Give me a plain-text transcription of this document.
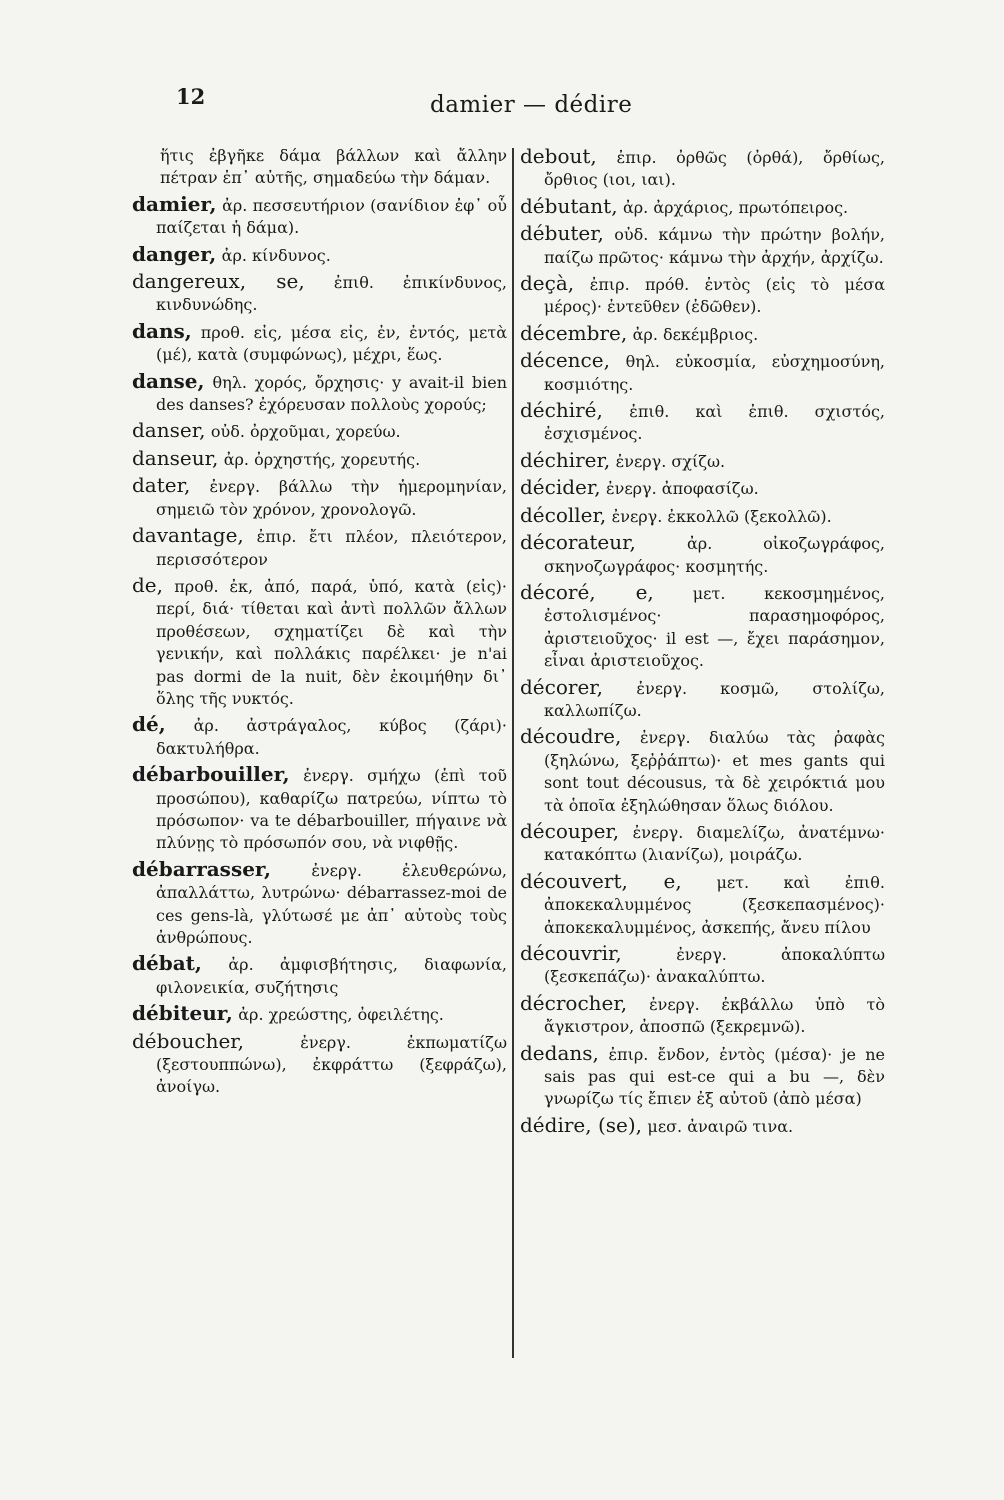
12	damier — dédire

ἥτις ἐβγῆκε δάμα βάλλων καὶ ἄλλην πέτραν ἐπ᾽ αὐτῆς, σημαδεύω τὴν δάμαν.

damier, ἀρ. πεσσευτήριον (σανίδιον ἐφ᾽ οὗ παίζεται ἡ δάμα).

danger, ἀρ. κίνδυνος.

dangereux, se, ἐπιθ. ἐπικίνδυνος, κινδυνώδης.

dans, προθ. εἰς, μέσα εἰς, ἐν, ἐντός, μετὰ (μέ), κατὰ (συμφώνως), μέχρι, ἕως.

danse, θηλ. χορός, ὄρχησις· y avait-il bien des danses? ἐχόρευσαν πολλοὺς χορούς;

danser, οὐδ. ὀρχοῦμαι, χορεύω.

danseur, ἀρ. ὀρχηστής, χορευτής.

dater, ἐνεργ. βάλλω τὴν ἡμερομηνίαν, σημειῶ τὸν χρόνον, χρονολογῶ.

davantage, ἐπιρ. ἔτι πλέον, πλειότερον, περισσότερον

de, προθ. ἐκ, ἀπό, παρά, ὑπό, κατὰ (εἰς)· περί, διά· τίθεται καὶ ἀντὶ πολλῶν ἄλλων προθέσεων, σχηματίζει δὲ καὶ τὴν γενικήν, καὶ πολλάκις παρέλκει· je n'ai pas dormi de la nuit, δὲν ἐκοιμήθην δι᾽ ὅλης τῆς νυκτός.

dé, ἀρ. ἀστράγαλος, κύβος (ζάρι)· δακτυλήθρα.

débarbouiller, ἐνεργ. σμήχω (ἐπὶ τοῦ προσώπου), καθαρίζω πατρεύω, νίπτω τὸ πρόσωπον· va te débarbouiller, πήγαινε νὰ πλύνῃς τὸ πρόσωπόν σου, νὰ νιφθῇς.

débarrasser,	ἐνεργ. ἐλευθερώνω, ἀπαλλάττω, λυτρώνω· débarrassez-moi de ces gens-là, γλύτωσέ με ἀπ᾽ αὐτοὺς τοὺς ἀνθρώπους.

débat, ἀρ. ἀμφισβήτησις, διαφωνία, φιλονεικία, συζήτησις

débiteur, ἀρ. χρεώστης, ὀφειλέτης.

déboucher,	ἐνεργ. ἐκπωματίζω (ξεστουππώνω), ἐκφράττω (ξεφράζω), ἀνοίγω.

debout, ἐπιρ. ὀρθῶς (ὀρθά), ὄρθίως, ὄρθιος (ιοι, ιαι).

débutant, ἀρ. ἀρχάριος, πρωτόπειρος.

débuter, οὐδ. κάμνω τὴν πρώτην βολήν, παίζω πρῶτος· κάμνω τὴν ἀρχήν, ἀρχίζω.

deçà, ἐπιρ. πρόθ. ἐντὸς (εἰς τὸ μέσα μέρος)· ἐντεῦθεν (ἐδῶθεν).

décembre, ἀρ. δεκέμβριος.

décence, θηλ. εὐκοσμία, εὐσχημοσύνη, κοσμιότης.

déchiré, ἐπιθ. καὶ ἐπιθ. σχιστός, ἐσχισμένος.

déchirer, ἐνεργ. σχίζω.

décider, ἐνεργ. ἀποφασίζω.

décoller, ἐνεργ. ἐκκολλῶ (ξεκολλῶ).

décorateur,	ἀρ. οἰκοζωγράφος, σκηνοζωγράφος· κοσμητής.

décoré, e, μετ. κεκοσμημένος, ἐστολισμένος· παρασημοφόρος, ἀριστειοῦχος· il est —, ἔχει παράσημον, εἶναι ἀριστειοῦχος.

décorer, ἐνεργ. κοσμῶ, στολίζω, καλλωπίζω.

découdre, ἐνεργ. διαλύω τὰς ῥαφὰς (ξηλώνω, ξεῤῥάπτω)· et mes gants qui sont tout décousus, τὰ δὲ χειρόκτιά μου τὰ ὁποῖα ἐξηλώθησαν ὅλως διόλου.

découper, ἐνεργ. διαμελίζω, ἀνατέμνω· κατακόπτω (λιανίζω), μοιράζω.

découvert, e, μετ. καὶ ἐπιθ. ἀποκεκαλυμμένος (ξεσκεπασμένος)· ἀποκεκαλυμμένος, ἀσκεπής, ἄνευ πίλου

découvrir,	ἐνεργ. ἀποκαλύπτω (ξεσκεπάζω)· ἀνακαλύπτω.

décrocher, ἐνεργ. ἐκβάλλω ὑπὸ τὸ ἄγκιστρον, ἀποσπῶ (ξεκρεμνῶ).

dedans, ἐπιρ. ἔνδον, ἐντὸς (μέσα)· je ne sais pas qui est-ce qui a bu —, δὲν γνωρίζω τίς ἔπιεν ἐξ αὐτοῦ (ἀπὸ μέσα)

dédire, (se), μεσ. ἀναιρῶ τινα.
